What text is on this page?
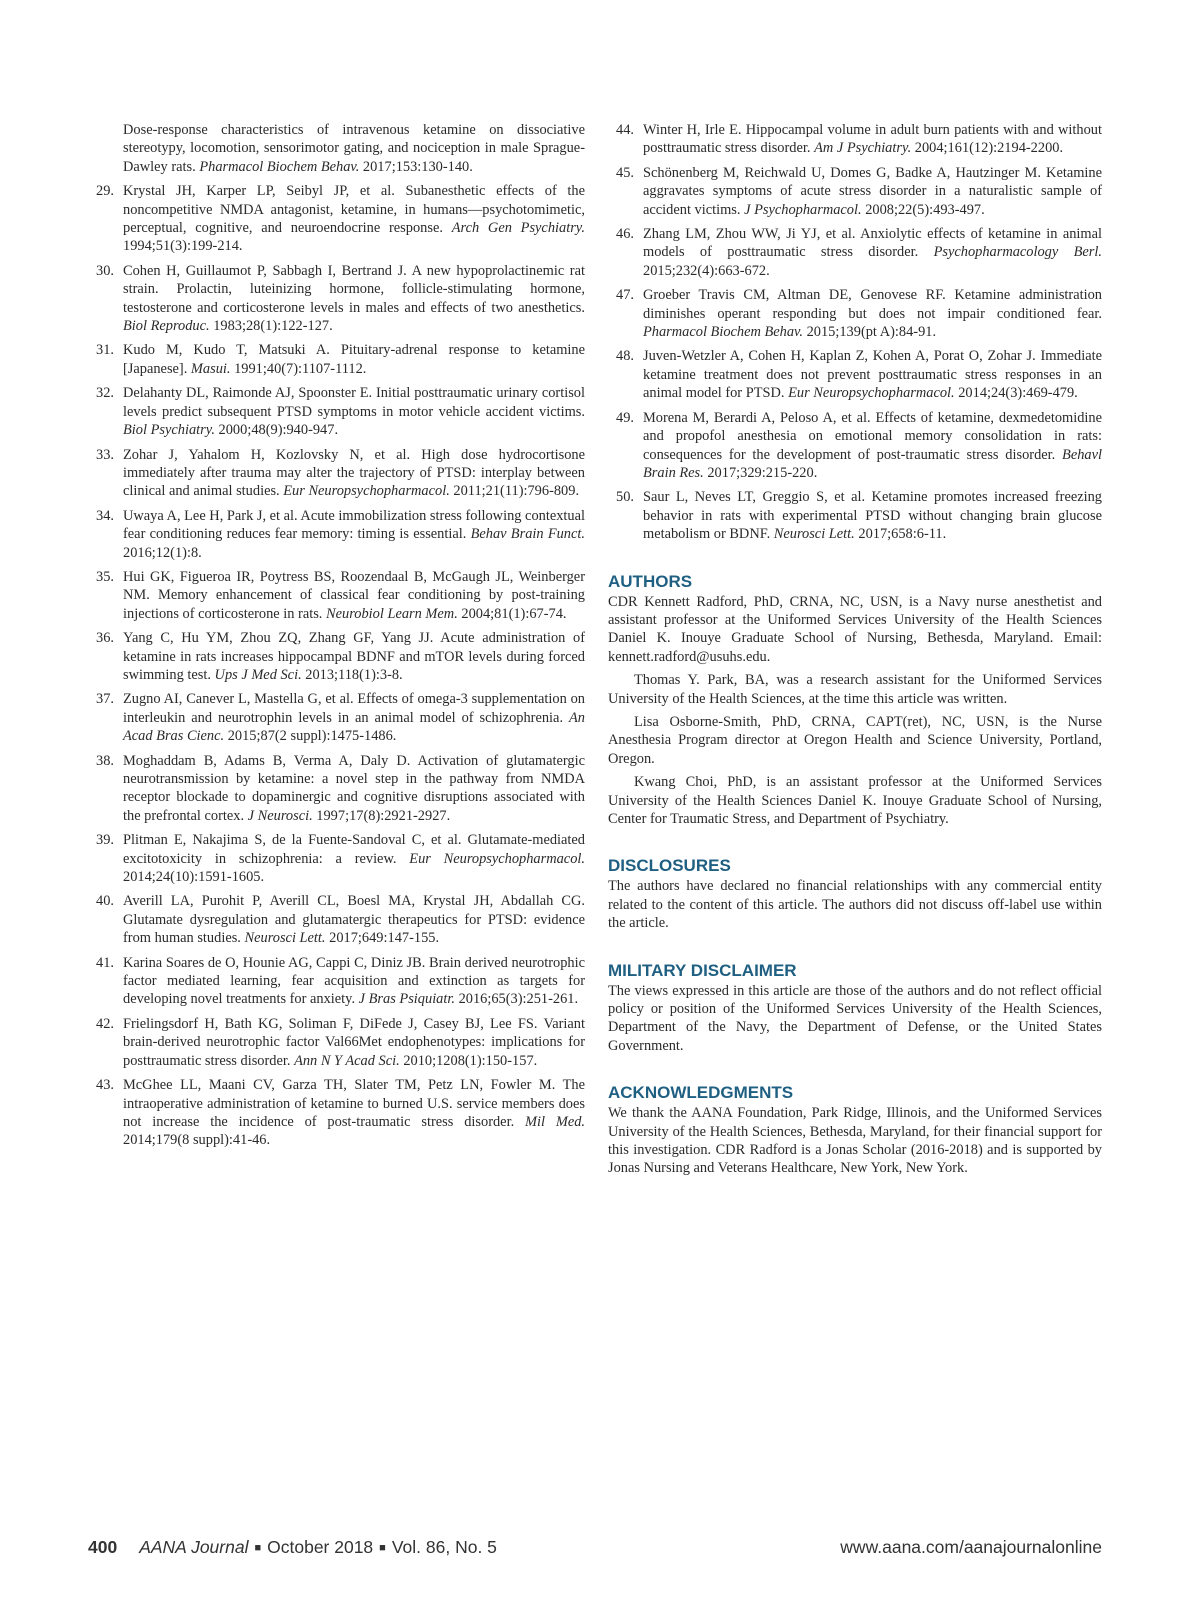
Dose-response characteristics of intravenous ketamine on dissociative stereotypy, locomotion, sensorimotor gating, and nociception in male Sprague-Dawley rats. Pharmacol Biochem Behav. 2017;153:130-140.

29. Krystal JH, Karper LP, Seibyl JP, et al. Subanesthetic effects of the noncompetitive NMDA antagonist, ketamine, in humans—psychotomimetic, perceptual, cognitive, and neuroendocrine response. Arch Gen Psychiatry. 1994;51(3):199-214.

30. Cohen H, Guillaumot P, Sabbagh I, Bertrand J. A new hypoprolactinemic rat strain. Prolactin, luteinizing hormone, follicle-stimulating hormone, testosterone and corticosterone levels in males and effects of two anesthetics. Biol Reproduc. 1983;28(1):122-127.

31. Kudo M, Kudo T, Matsuki A. Pituitary-adrenal response to ketamine [Japanese]. Masui. 1991;40(7):1107-1112.

32. Delahanty DL, Raimonde AJ, Spoonster E. Initial posttraumatic urinary cortisol levels predict subsequent PTSD symptoms in motor vehicle accident victims. Biol Psychiatry. 2000;48(9):940-947.

33. Zohar J, Yahalom H, Kozlovsky N, et al. High dose hydrocortisone immediately after trauma may alter the trajectory of PTSD: interplay between clinical and animal studies. Eur Neuropsychopharmacol. 2011;21(11):796-809.

34. Uwaya A, Lee H, Park J, et al. Acute immobilization stress following contextual fear conditioning reduces fear memory: timing is essential. Behav Brain Funct. 2016;12(1):8.

35. Hui GK, Figueroa IR, Poytress BS, Roozendaal B, McGaugh JL, Weinberger NM. Memory enhancement of classical fear conditioning by post-training injections of corticosterone in rats. Neurobiol Learn Mem. 2004;81(1):67-74.

36. Yang C, Hu YM, Zhou ZQ, Zhang GF, Yang JJ. Acute administration of ketamine in rats increases hippocampal BDNF and mTOR levels during forced swimming test. Ups J Med Sci. 2013;118(1):3-8.

37. Zugno AI, Canever L, Mastella G, et al. Effects of omega-3 supplementation on interleukin and neurotrophin levels in an animal model of schizophrenia. An Acad Bras Cienc. 2015;87(2 suppl):1475-1486.

38. Moghaddam B, Adams B, Verma A, Daly D. Activation of glutamatergic neurotransmission by ketamine: a novel step in the pathway from NMDA receptor blockade to dopaminergic and cognitive disruptions associated with the prefrontal cortex. J Neurosci. 1997;17(8):2921-2927.

39. Plitman E, Nakajima S, de la Fuente-Sandoval C, et al. Glutamate-mediated excitotoxicity in schizophrenia: a review. Eur Neuropsychopharmacol. 2014;24(10):1591-1605.

40. Averill LA, Purohit P, Averill CL, Boesl MA, Krystal JH, Abdallah CG. Glutamate dysregulation and glutamatergic therapeutics for PTSD: evidence from human studies. Neurosci Lett. 2017;649:147-155.

41. Karina Soares de O, Hounie AG, Cappi C, Diniz JB. Brain derived neurotrophic factor mediated learning, fear acquisition and extinction as targets for developing novel treatments for anxiety. J Bras Psiquiatr. 2016;65(3):251-261.

42. Frielingsdorf H, Bath KG, Soliman F, DiFede J, Casey BJ, Lee FS. Variant brain-derived neurotrophic factor Val66Met endophenotypes: implications for posttraumatic stress disorder. Ann N Y Acad Sci. 2010;1208(1):150-157.

43. McGhee LL, Maani CV, Garza TH, Slater TM, Petz LN, Fowler M. The intraoperative administration of ketamine to burned U.S. service members does not increase the incidence of post-traumatic stress disorder. Mil Med. 2014;179(8 suppl):41-46.

44. Winter H, Irle E. Hippocampal volume in adult burn patients with and without posttraumatic stress disorder. Am J Psychiatry. 2004;161(12):2194-2200.

45. Schönenberg M, Reichwald U, Domes G, Badke A, Hautzinger M. Ketamine aggravates symptoms of acute stress disorder in a naturalistic sample of accident victims. J Psychopharmacol. 2008;22(5):493-497.

46. Zhang LM, Zhou WW, Ji YJ, et al. Anxiolytic effects of ketamine in animal models of posttraumatic stress disorder. Psychopharmacology Berl. 2015;232(4):663-672.

47. Groeber Travis CM, Altman DE, Genovese RF. Ketamine administration diminishes operant responding but does not impair conditioned fear. Pharmacol Biochem Behav. 2015;139(pt A):84-91.

48. Juven-Wetzler A, Cohen H, Kaplan Z, Kohen A, Porat O, Zohar J. Immediate ketamine treatment does not prevent posttraumatic stress responses in an animal model for PTSD. Eur Neuropsychopharmacol. 2014;24(3):469-479.

49. Morena M, Berardi A, Peloso A, et al. Effects of ketamine, dexmedetomidine and propofol anesthesia on emotional memory consolidation in rats: consequences for the development of post-traumatic stress disorder. Behavl Brain Res. 2017;329:215-220.

50. Saur L, Neves LT, Greggio S, et al. Ketamine promotes increased freezing behavior in rats with experimental PTSD without changing brain glucose metabolism or BDNF. Neurosci Lett. 2017;658:6-11.

AUTHORS

CDR Kennett Radford, PhD, CRNA, NC, USN, is a Navy nurse anesthetist and assistant professor at the Uniformed Services University of the Health Sciences Daniel K. Inouye Graduate School of Nursing, Bethesda, Maryland. Email: kennett.radford@usuhs.edu.

Thomas Y. Park, BA, was a research assistant for the Uniformed Services University of the Health Sciences, at the time this article was written.

Lisa Osborne-Smith, PhD, CRNA, CAPT(ret), NC, USN, is the Nurse Anesthesia Program director at Oregon Health and Science University, Portland, Oregon.

Kwang Choi, PhD, is an assistant professor at the Uniformed Services University of the Health Sciences Daniel K. Inouye Graduate School of Nursing, Center for Traumatic Stress, and Department of Psychiatry.

DISCLOSURES

The authors have declared no financial relationships with any commercial entity related to the content of this article. The authors did not discuss off-label use within the article.

MILITARY DISCLAIMER

The views expressed in this article are those of the authors and do not reflect official policy or position of the Uniformed Services University of the Health Sciences, Department of the Navy, the Department of Defense, or the United States Government.

ACKNOWLEDGMENTS

We thank the AANA Foundation, Park Ridge, Illinois, and the Uniformed Services University of the Health Sciences, Bethesda, Maryland, for their financial support for this investigation. CDR Radford is a Jonas Scholar (2016-2018) and is supported by Jonas Nursing and Veterans Healthcare, New York, New York.

400 AANA Journal ■ October 2018 ■ Vol. 86, No. 5	www.aana.com/aanajournalonline
